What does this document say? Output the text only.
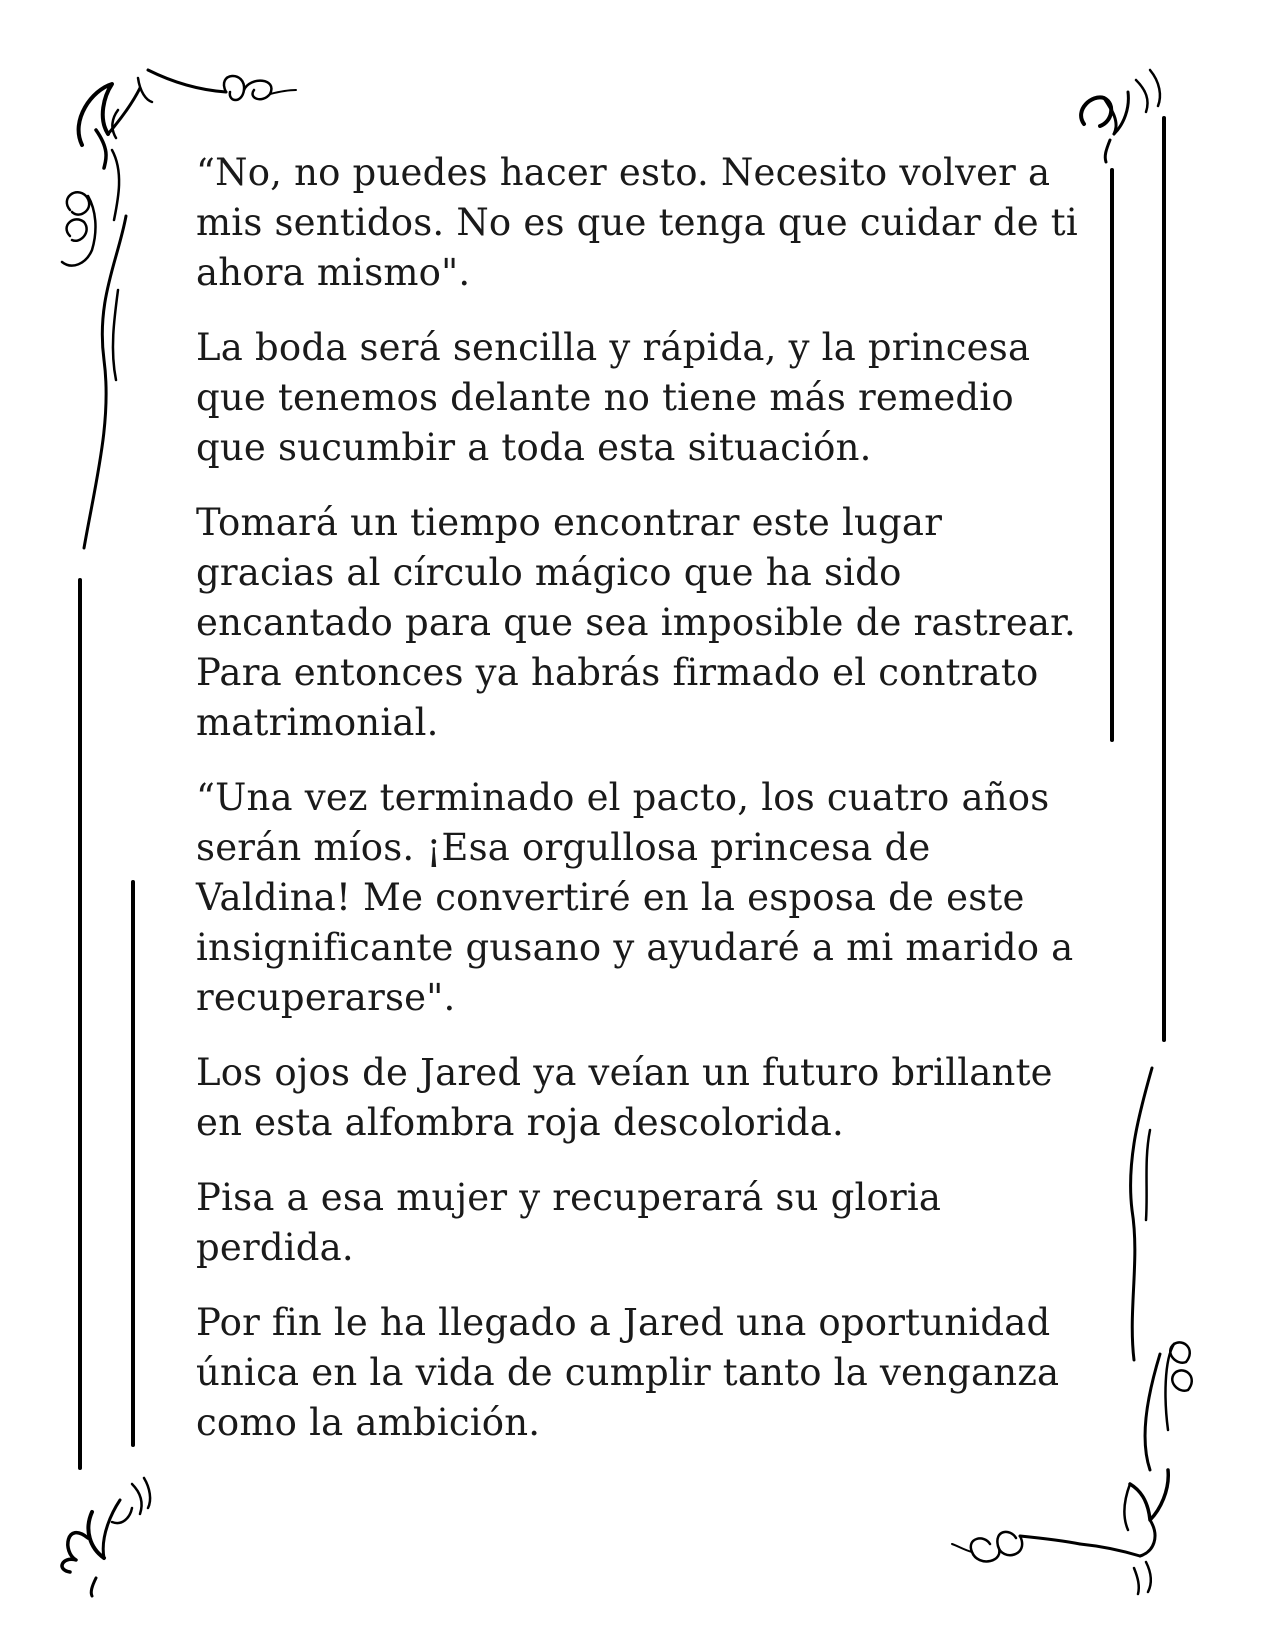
“No, no puedes hacer esto. Necesito volver a
mis sentidos. No es que tenga que cuidar de ti
ahora mismo".

La boda será sencilla y rápida, y la princesa
que tenemos delante no tiene más remedio
que sucumbir a toda esta situación.

Tomará un tiempo encontrar este lugar
gracias al círculo mágico que ha sido
encantado para que sea imposible de rastrear.
Para entonces ya habrás firmado el contrato
matrimonial.

“Una vez terminado el pacto, los cuatro años
serán míos. ¡Esa orgullosa princesa de
Valdina! Me convertiré en la esposa de este
insignificante gusano y ayudaré a mi marido a
recuperarse".

Los ojos de Jared ya veían un futuro brillante
en esta alfombra roja descolorida.

Pisa a esa mujer y recuperará su gloria
perdida.

Por fin le ha llegado a Jared una oportunidad
única en la vida de cumplir tanto la venganza
como la ambición.
